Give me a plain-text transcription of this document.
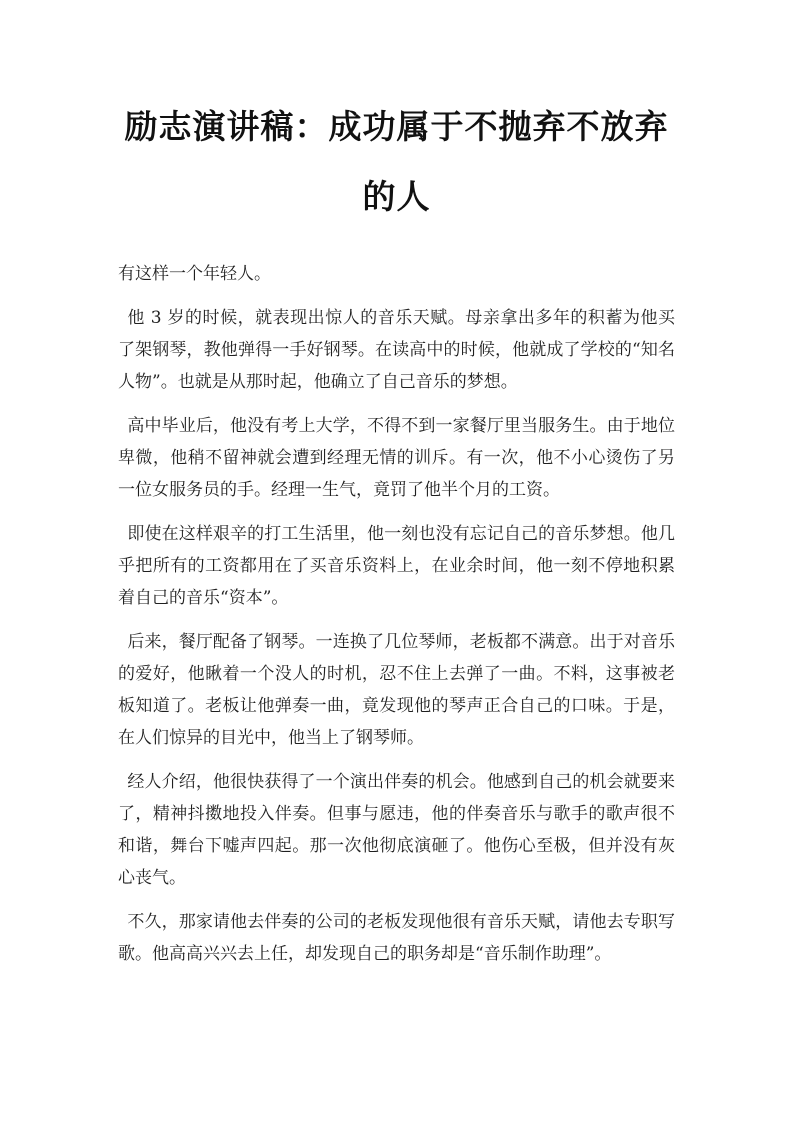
励志演讲稿：成功属于不抛弃不放弃的人

有这样一个年轻人。

他 3 岁的时候，就表现出惊人的音乐天赋。母亲拿出多年的积蓄为他买了架钢琴，教他弹得一手好钢琴。在读高中的时候，他就成了学校的“知名人物”。也就是从那时起，他确立了自己音乐的梦想。

高中毕业后，他没有考上大学，不得不到一家餐厅里当服务生。由于地位卑微，他稍不留神就会遭到经理无情的训斥。有一次，他不小心烫伤了另一位女服务员的手。经理一生气，竟罚了他半个月的工资。

即使在这样艰辛的打工生活里，他一刻也没有忘记自己的音乐梦想。他几乎把所有的工资都用在了买音乐资料上，在业余时间，他一刻不停地积累着自己的音乐“资本”。

后来，餐厅配备了钢琴。一连换了几位琴师，老板都不满意。出于对音乐的爱好，他瞅着一个没人的时机，忍不住上去弹了一曲。不料，这事被老板知道了。老板让他弹奏一曲，竟发现他的琴声正合自己的口味。于是，在人们惊异的目光中，他当上了钢琴师。

经人介绍，他很快获得了一个演出伴奏的机会。他感到自己的机会就要来了，精神抖擞地投入伴奏。但事与愿违，他的伴奏音乐与歌手的歌声很不和谐，舞台下嘘声四起。那一次他彻底演砸了。他伤心至极，但并没有灰心丧气。

不久，那家请他去伴奏的公司的老板发现他很有音乐天赋，请他去专职写歌。他高高兴兴去上任，却发现自己的职务却是“音乐制作助理”。
